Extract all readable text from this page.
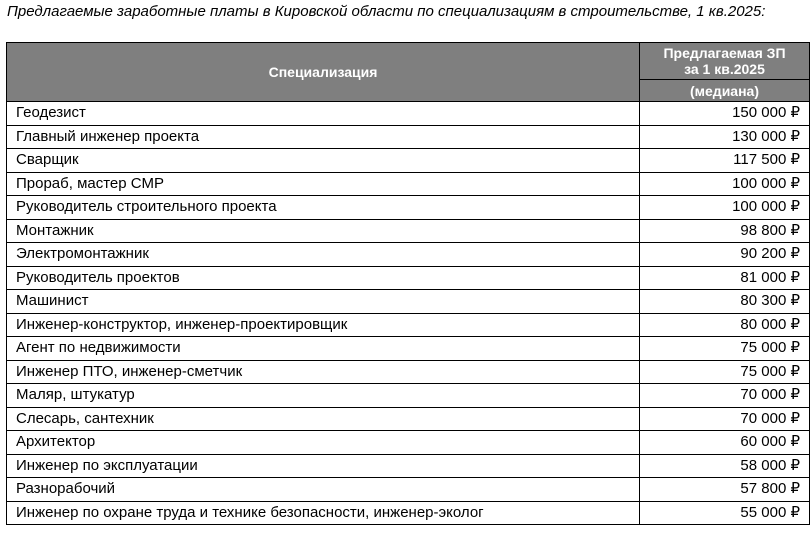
Предлагаемые заработные платы в Кировской области по специализациям в строительстве, 1 кв.2025:
Специализация	Предлагаемая ЗП
за 1 кв.2025
	(медиана)
Геодезист	150 000 ₽
Главный инженер проекта	130 000 ₽
Сварщик	117 500 ₽
Прораб, мастер СМР	100 000 ₽
Руководитель строительного проекта	100 000 ₽
Монтажник	98 800 ₽
Электромонтажник	90 200 ₽
Руководитель проектов	81 000 ₽
Машинист	80 300 ₽
Инженер-конструктор, инженер-проектировщик	80 000 ₽
Агент по недвижимости	75 000 ₽
Инженер ПТО, инженер-сметчик	75 000 ₽
Маляр, штукатур	70 000 ₽
Слесарь, сантехник	70 000 ₽
Архитектор	60 000 ₽
Инженер по эксплуатации	58 000 ₽
Разнорабочий	57 800 ₽
Инженер по охране труда и технике безопасности, инженер-эколог	55 000 ₽
